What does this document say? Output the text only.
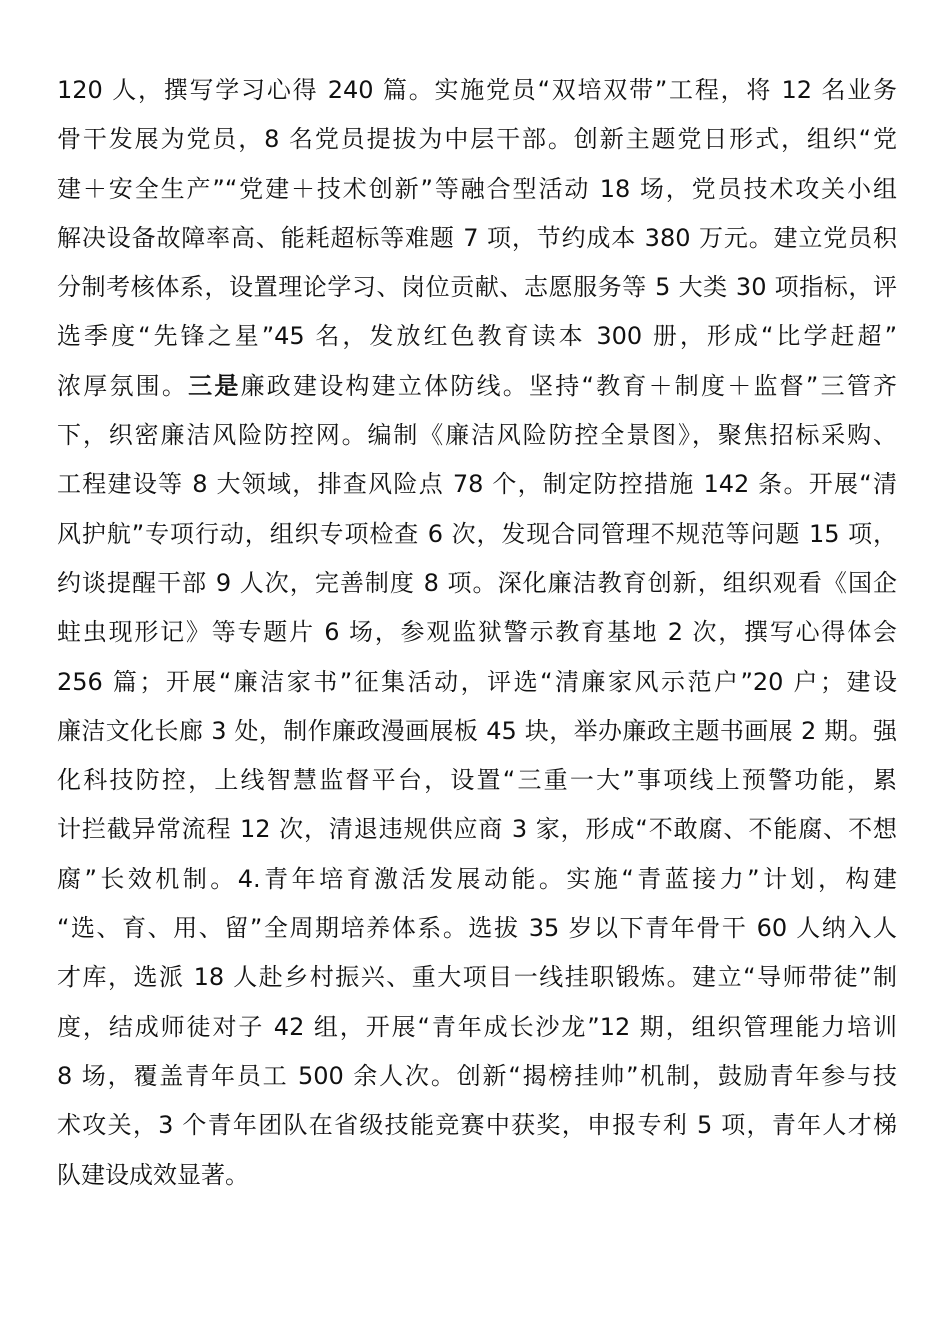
120 人，撰写学习心得 240 篇。实施党员“双培双带”工程，将 12 名业务
骨干发展为党员，8 名党员提拔为中层干部。创新主题党日形式，组织“党
建＋安全生产”“党建＋技术创新”等融合型活动 18 场，党员技术攻关小组
解决设备故障率高、能耗超标等难题 7 项，节约成本 380 万元。建立党员积
分制考核体系，设置理论学习、岗位贡献、志愿服务等 5 大类 30 项指标，评
选季度“先锋之星”45 名，发放红色教育读本 300 册，形成“比学赶超”
浓厚氛围。三是廉政建设构建立体防线。坚持“教育＋制度＋监督”三管齐
下，织密廉洁风险防控网。编制《廉洁风险防控全景图》，聚焦招标采购、
工程建设等 8 大领域，排查风险点 78 个，制定防控措施 142 条。开展“清
风护航”专项行动，组织专项检查 6 次，发现合同管理不规范等问题 15 项，
约谈提醒干部 9 人次，完善制度 8 项。深化廉洁教育创新，组织观看《国企
蛀虫现形记》等专题片 6 场，参观监狱警示教育基地 2 次，撰写心得体会
256 篇；开展“廉洁家书”征集活动，评选“清廉家风示范户”20 户；建设
廉洁文化长廊 3 处，制作廉政漫画展板 45 块，举办廉政主题书画展 2 期。强
化科技防控，上线智慧监督平台，设置“三重一大”事项线上预警功能，累
计拦截异常流程 12 次，清退违规供应商 3 家，形成“不敢腐、不能腐、不想
腐”长效机制。4.青年培育激活发展动能。实施“青蓝接力”计划，构建
“选、育、用、留”全周期培养体系。选拔 35 岁以下青年骨干 60 人纳入人
才库，选派 18 人赴乡村振兴、重大项目一线挂职锻炼。建立“导师带徒”制
度，结成师徒对子 42 组，开展“青年成长沙龙”12 期，组织管理能力培训
8 场，覆盖青年员工 500 余人次。创新“揭榜挂帅”机制，鼓励青年参与技
术攻关，3 个青年团队在省级技能竞赛中获奖，申报专利 5 项，青年人才梯
队建设成效显著。
